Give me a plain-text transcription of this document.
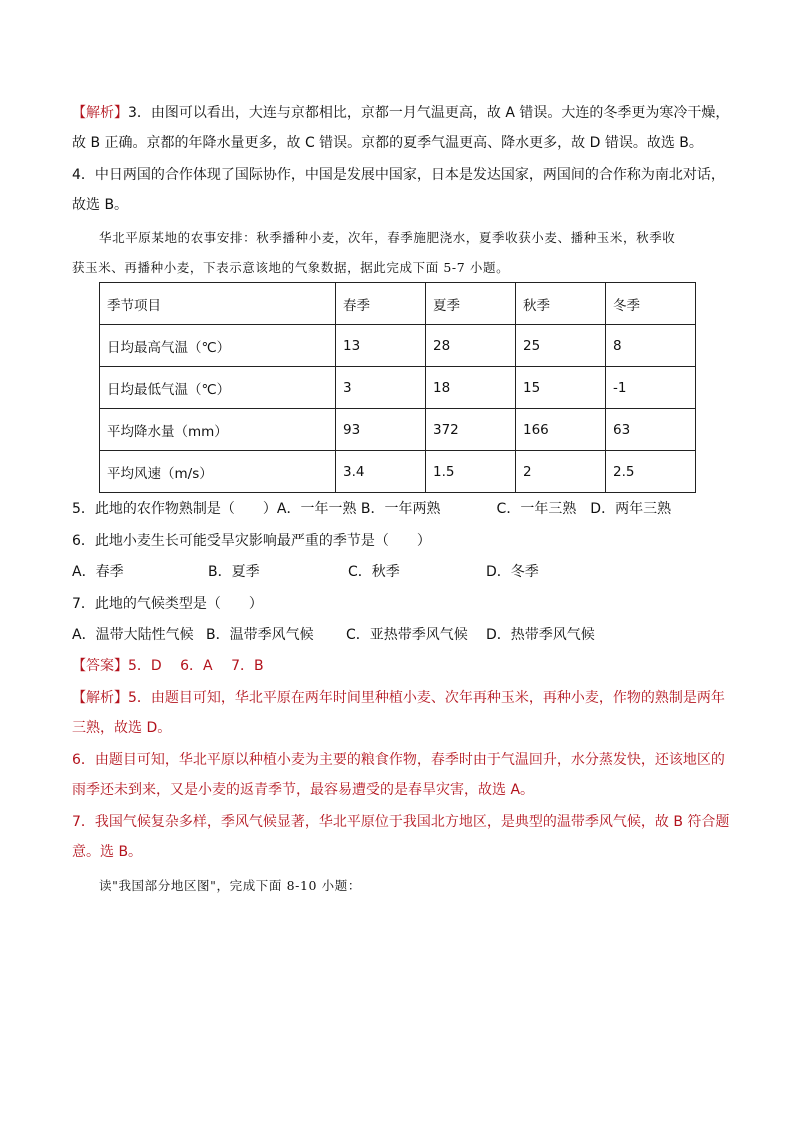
【解析】3．由图可以看出，大连与京都相比，京都一月气温更高，故 A 错误。大连的冬季更为寒冷干燥，
故 B 正确。京都的年降水量更多，故 C 错误。京都的夏季气温更高、降水更多，故 D 错误。故选 B。
4．中日两国的合作体现了国际协作，中国是发展中国家，日本是发达国家，两国间的合作称为南北对话，
故选 B。
华北平原某地的农事安排：秋季播种小麦，次年，春季施肥浇水，夏季收获小麦、播种玉米，秋季收
获玉米、再播种小麦，下表示意该地的气象数据，据此完成下面 5-7 小题。
季节项目	春季	夏季	秋季	冬季
日均最高气温（℃）	13	28	25	8
日均最低气温（℃）	3	18	15	-1
平均降水量（mm）	93	372	166	63
平均风速（m/s）	3.4	1.5	2	2.5
5．此地的农作物熟制是（　　）A．一年一熟 B．一年两熟　　　　C．一年三熟　D．两年三熟
6．此地小麦生长可能受旱灾影响最严重的季节是（　　）
A．春季	B．夏季	C．秋季	D．冬季
7．此地的气候类型是（　　）
A．温带大陆性气候 B．温带季风气候 C．亚热带季风气候 D．热带季风气候
【答案】5．D　 6．A　 7．B
【解析】5．由题目可知，华北平原在两年时间里种植小麦、次年再种玉米，再种小麦，作物的熟制是两年
三熟，故选 D。
6．由题目可知，华北平原以种植小麦为主要的粮食作物，春季时由于气温回升，水分蒸发快，还该地区的
雨季还未到来，又是小麦的返青季节，最容易遭受的是春旱灾害，故选 A。
7．我国气候复杂多样，季风气候显著，华北平原位于我国北方地区，是典型的温带季风气候，故 B 符合题
意。选 B。
读"我国部分地区图"，完成下面 8-10 小题：
